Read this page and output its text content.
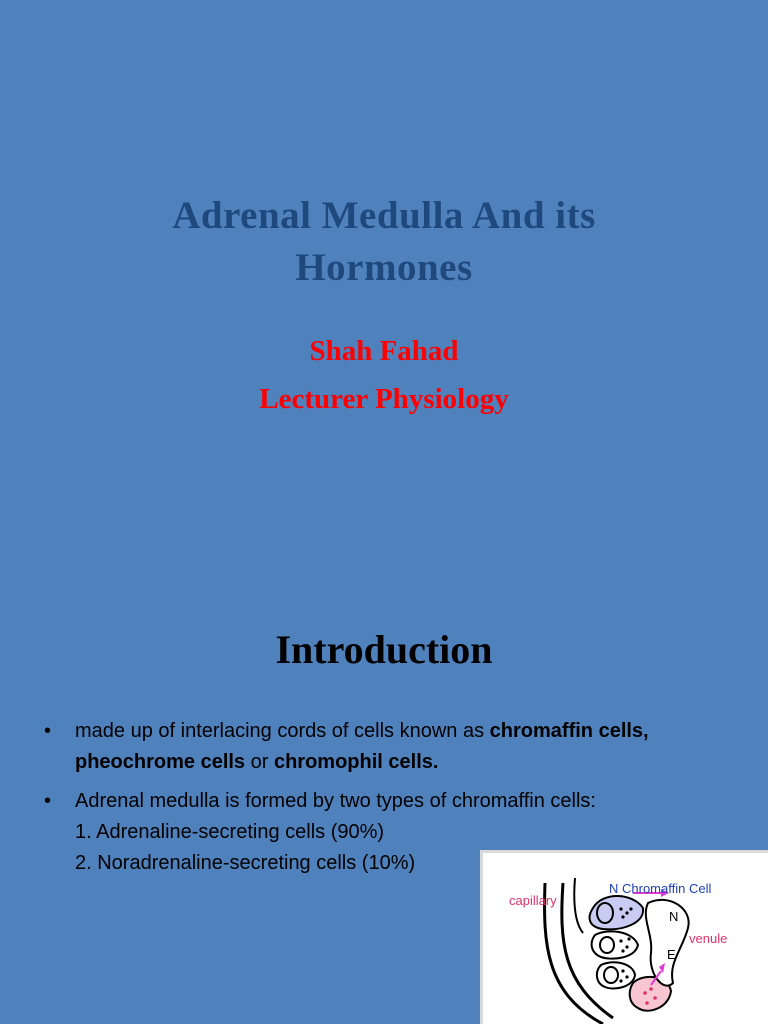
Adrenal Medulla And its
Hormones
Shah Fahad
Lecturer Physiology
Introduction
• made up of interlacing cords of cells known as chromaffin cells, pheochrome cells or chromophil cells.
• Adrenal medulla is formed by two types of chromaffin cells:
1. Adrenaline-secreting cells (90%)
2. Noradrenaline-secreting cells (10%)
capillary
N Chromaffin Cell
N
venule
E
